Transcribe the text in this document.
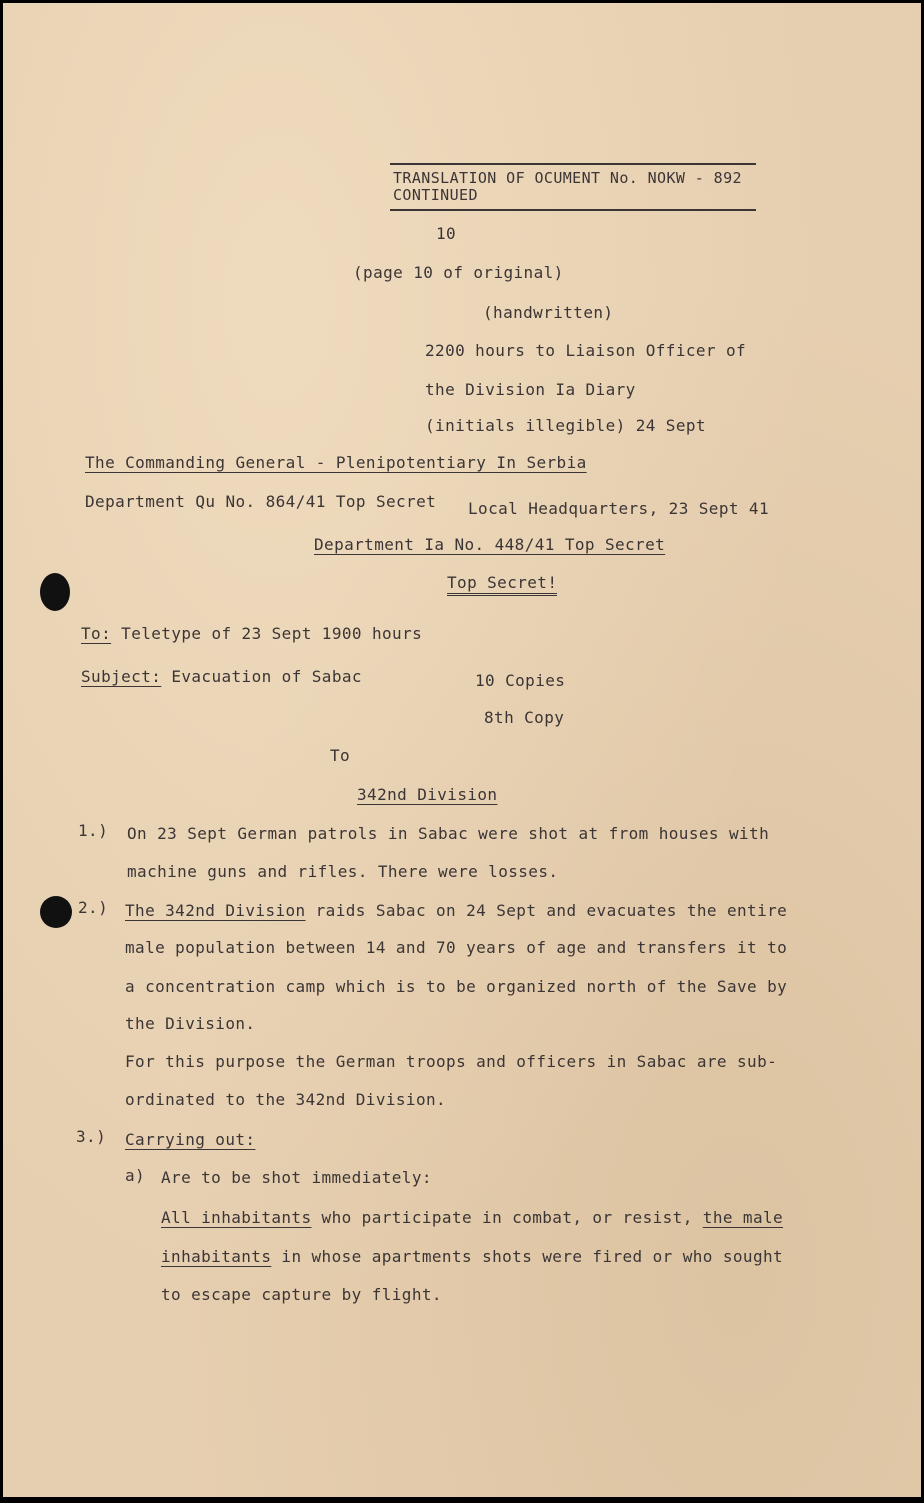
TRANSLATION OF OCUMENT No. NOKW - 892
CONTINUED
10
(page 10 of original)
(handwritten)
2200 hours to Liaison Officer of
the Division Ia Diary
(initials illegible) 24 Sept
The Commanding General - Plenipotentiary In Serbia
Department Qu No. 864/41 Top Secret Local Headquarters, 23 Sept 41
Department Ia No. 448/41 Top Secret
Top Secret!
To: Teletype of 23 Sept 1900 hours
Subject: Evacuation of Sabac	10 Copies
8th Copy
To
342nd Division
1.) On 23 Sept German patrols in Sabac were shot at from houses with
machine guns and rifles. There were losses.
2.) The 342nd Division raids Sabac on 24 Sept and evacuates the entire
male population between 14 and 70 years of age and transfers it to
a concentration camp which is to be organized north of the Save by
the Division.
For this purpose the German troops and officers in Sabac are sub-
ordinated to the 342nd Division.
3.) Carrying out:
a) Are to be shot immediately:
All inhabitants who participate in combat, or resist, the male
inhabitants in whose apartments shots were fired or who sought
to escape capture by flight.
